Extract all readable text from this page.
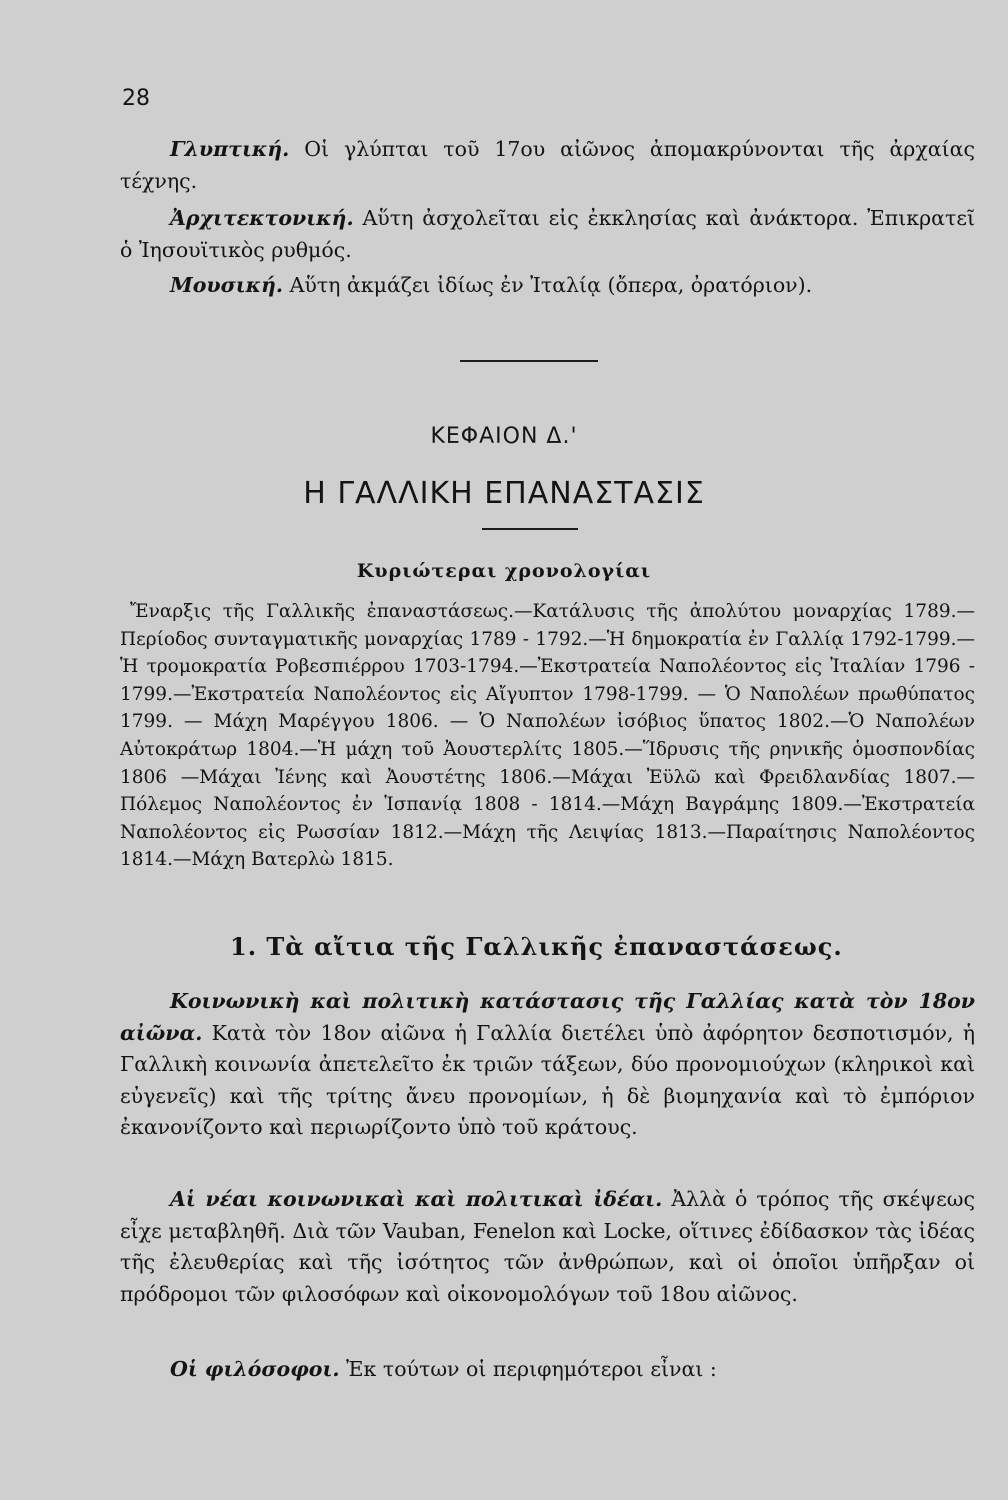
28
Γλυπτική. Οἱ γλύπται τοῦ 17ου αἰῶνος ἀπομακρύνονται τῆς ἀρχαίας τέχνης.
Ἀρχιτεκτονική. Αὕτη ἀσχολεῖται εἰς ἐκκλησίας καὶ ἀνάκτορα. Ἐπικρατεῖ ὁ Ἰησουϊτικὸς ρυθμός.
Μουσική. Αὕτη ἀκμάζει ἰδίως ἐν Ἰταλίᾳ (ὄπερα, ὀρατόριον).
ΚΕΦΑΙΟΝ Δ.'
Η ΓΑΛΛΙΚΗ ΕΠΑΝΑΣΤΑΣΙΣ
Κυριώτεραι χρονολογίαι
Ἔναρξις τῆς Γαλλικῆς ἐπαναστάσεως.—Κατάλυσις τῆς ἀπολύτου μοναρχίας 1789.—Περίοδος συνταγματικῆς μοναρχίας 1789 - 1792.—Ἡ δημοκρατία ἐν Γαλλίᾳ 1792-1799.—Ἡ τρομοκρατία Ροβεσπιέρρου 1703-1794.—Ἐκστρατεία Ναπολέοντος εἰς Ἰταλίαν 1796 - 1799.—Ἐκστρατεία Ναπολέοντος εἰς Αἴγυπτον 1798-1799. — Ὁ Ναπολέων πρωθύπατος 1799. — Μάχη Μαρέγγου 1806. — Ὁ Ναπολέων ἰσόβιος ὕπατος 1802.—Ὁ Ναπολέων Αὐτοκράτωρ 1804.—Ἡ μάχη τοῦ Ἀουστερλίτς 1805.—Ἵδρυσις τῆς ρηνικῆς ὁμοσπονδίας 1806 —Μάχαι Ἰένης καὶ Ἀουστέτης 1806.—Μάχαι Ἐϋλῶ καὶ Φρειδλανδίας 1807.—Πόλεμος Ναπολέοντος ἐν Ἱσπανίᾳ 1808 - 1814.—Μάχη Βαγράμης 1809.—Ἐκστρατεία Ναπολέοντος εἰς Ρωσσίαν 1812.—Μάχη τῆς Λειψίας 1813.—Παραίτησις Ναπολέοντος 1814.—Μάχη Βατερλὼ 1815.
1. Τὰ αἴτια τῆς Γαλλικῆς ἐπαναστάσεως.
Κοινωνικὴ καὶ πολιτικὴ κατάστασις τῆς Γαλλίας κατὰ τὸν 18ον αἰῶνα. Κατὰ τὸν 18ον αἰῶνα ἡ Γαλλία διετέλει ὑπὸ ἀφόρητον δεσποτισμόν, ἡ Γαλλικὴ κοινωνία ἀπετελεῖτο ἐκ τριῶν τάξεων, δύο προνομιούχων (κληρικοὶ καὶ εὐγενεῖς) καὶ τῆς τρίτης ἄνευ προνομίων, ἡ δὲ βιομηχανία καὶ τὸ ἐμπόριον ἐκανονίζοντο καὶ περιωρίζοντο ὑπὸ τοῦ κράτους.
Αἱ νέαι κοινωνικαὶ καὶ πολιτικαὶ ἰδέαι. Ἀλλὰ ὁ τρόπος τῆς σκέψεως εἶχε μεταβληθῆ. Διὰ τῶν Vauban, Fenelon καὶ Locke, οἵτινες ἐδίδασκον τὰς ἰδέας τῆς ἐλευθερίας καὶ τῆς ἰσότητος τῶν ἀνθρώπων, καὶ οἱ ὁποῖοι ὑπῆρξαν οἱ πρόδρομοι τῶν φιλοσόφων καὶ οἰκονομολόγων τοῦ 18ου αἰῶνος.
Οἱ φιλόσοφοι. Ἐκ τούτων οἱ περιφημότεροι εἶναι :
